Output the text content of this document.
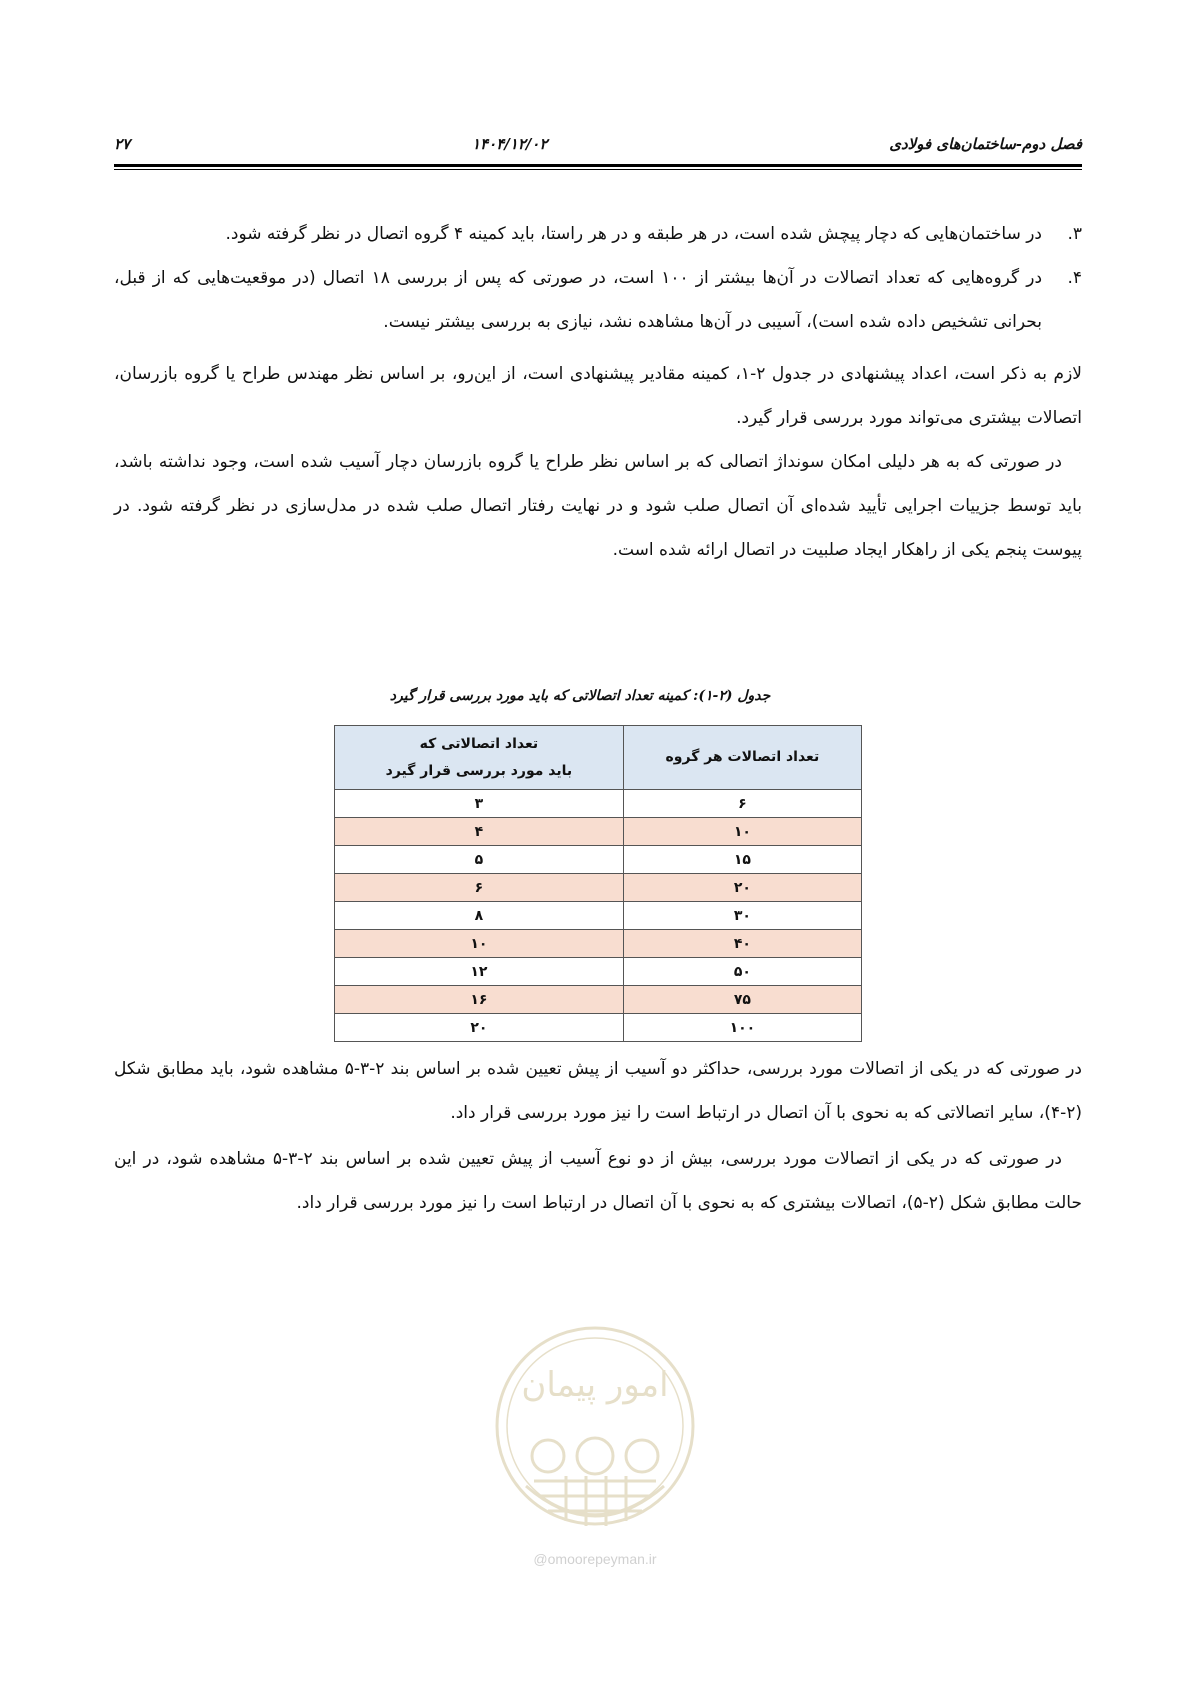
فصل دوم-ساختمان‌های فولادی
۱۴۰۴/۱۲/۰۲
۲۷
۳.
در ساختمان‌هایی که دچار پیچش شده است، در هر طبقه و در هر راستا، باید کمینه ۴ گروه اتصال در نظر گرفته شود.
۴.
در گروه‌هایی که تعداد اتصالات در آن‌ها بیشتر از ۱۰۰ است، در صورتی که پس از بررسی ۱۸ اتصال (در موقعیت‌هایی که از قبل، بحرانی تشخیص داده شده است)، آسیبی در آن‌ها مشاهده نشد، نیازی به بررسی بیشتر نیست.
لازم به ذکر است، اعداد پیشنهادی در جدول ۲-۱، کمینه مقادیر پیشنهادی است، از این‌رو، بر اساس نظر مهندس طراح یا گروه بازرسان، اتصالات بیشتری می‌تواند مورد بررسی قرار گیرد.
در صورتی که به هر دلیلی امکان سونداژ اتصالی که بر اساس نظر طراح یا گروه بازرسان دچار آسیب شده است، وجود نداشته باشد، باید توسط جزییات اجرایی تأیید شده‌ای آن اتصال صلب شود و در نهایت رفتار اتصال صلب شده در مدل‌سازی در نظر گرفته شود. در پیوست پنجم یکی از راهکار ایجاد صلبیت در اتصال ارائه شده است.
جدول (۲-۱): کمینه تعداد اتصالاتی که باید مورد بررسی قرار گیرد
تعداد اتصالات هر گروه	تعداد اتصالاتی که
باید مورد بررسی قرار گیرد
۶	۳
۱۰	۴
۱۵	۵
۲۰	۶
۳۰	۸
۴۰	۱۰
۵۰	۱۲
۷۵	۱۶
۱۰۰	۲۰
در صورتی که در یکی از اتصالات مورد بررسی، حداکثر دو آسیب از پیش تعیین شده بر اساس بند ۲-۳-۵ مشاهده شود، باید مطابق شکل (۲-۴)، سایر اتصالاتی که به نحوی با آن اتصال در ارتباط است را نیز مورد بررسی قرار داد.
در صورتی که در یکی از اتصالات مورد بررسی، بیش از دو نوع آسیب از پیش تعیین شده بر اساس بند ۲-۳-۵ مشاهده شود، در این حالت مطابق شکل (۲-۵)، اتصالات بیشتری که به نحوی با آن اتصال در ارتباط است را نیز مورد بررسی قرار داد.
امور پیمان
@omoorepeyman.ir
